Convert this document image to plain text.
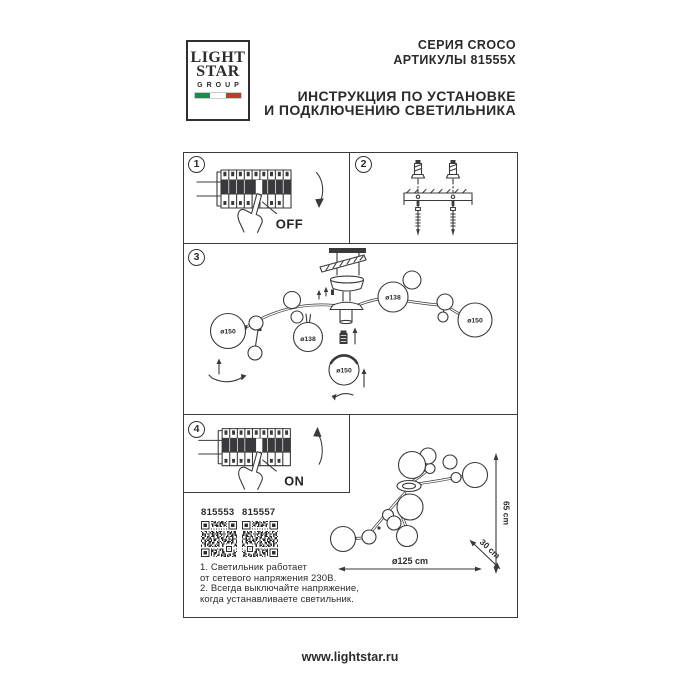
LIGHT
STAR
GROUP
СЕРИЯ CROCO
АРТИКУЛЫ 81555X
ИНСТРУКЦИЯ ПО УСТАНОВКЕ
И ПОДКЛЮЧЕНИЮ СВЕТИЛЬНИКА
OFF
ø150
ø138
ø138
ø150
ø150
ON
65 cm
30 cm
ø125 cm
815553 815557
1. Светильник работает
от сетевого напряжения 230В.
2. Всегда выключайте напряжение,
когда устанавливаете светильник.
1	2
3
4
www.lightstar.ru
